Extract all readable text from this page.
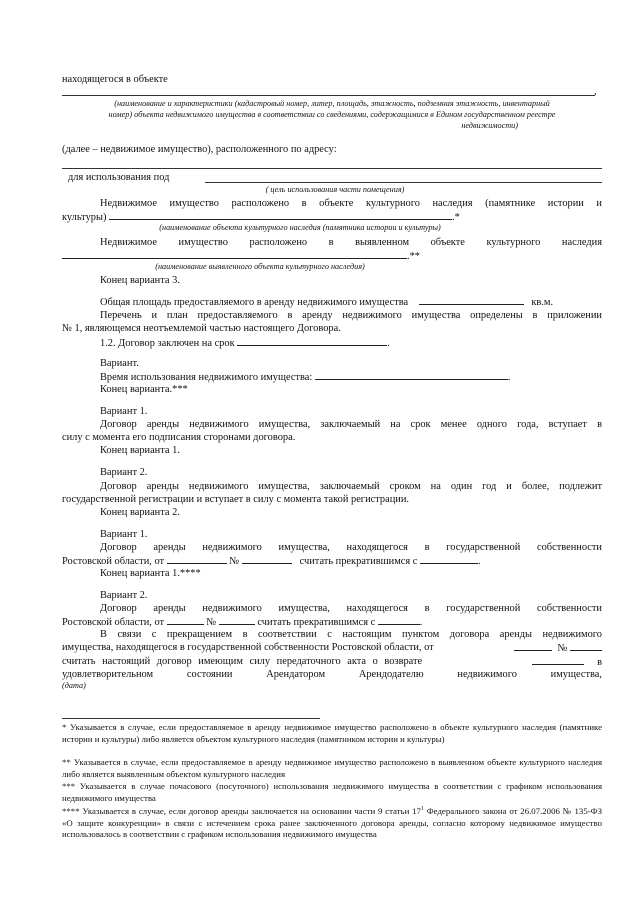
находящегося в объекте
,
(наименование и характеристики (кадастровый номер, литер, площадь, этажность, подземная этажность, инвентарный
номер) объекта недвижимого имущества в соответствии со сведениями, содержащимися в Едином государственном реестре
недвижимости)
(далее – недвижимое имущество), расположенного по адресу:
для использования под
( цель использования части помещения)
Недвижимое имущество расположено в объекте культурного наследия (памятнике истории и
культуры)	.*
(наименование объекта культурного наследия (памятника истории и культуры)
Недвижимое имущество расположено в выявленном объекте культурного наследия
.**
(наименование выявленного объекта культурного наследия)
Конец варианта 3.
Общая площадь предоставляемого в аренду недвижимого имущества	кв.м.
Перечень и план предоставляемого в аренду недвижимого имущества определены в приложении
№ 1, являющемся неотъемлемой частью настоящего Договора.
1.2. Договор заключен на срок	.
Вариант.
Время использования недвижимого имущества:	.
Конец варианта.***
Вариант 1.
Договор аренды недвижимого имущества, заключаемый на срок менее одного года, вступает в
силу с момента его подписания сторонами договора.
Конец варианта 1.
Вариант 2.
Договор аренды недвижимого имущества, заключаемый сроком на один год и более, подлежит
государственной регистрации и вступает в силу с момента такой регистрации.
Конец варианта 2.
Вариант 1.
Договор аренды недвижимого имущества, находящегося в государственной собственности
Ростовской области, от	№	считать прекратившимся с	.
Конец варианта 1.****
Вариант 2.
Договор аренды недвижимого имущества, находящегося в государственной собственности
Ростовской области, от	№	считать прекратившимся с	.
В связи с прекращением в соответствии с настоящим пунктом договора аренды недвижимого
имущества, находящегося в государственной собственности Ростовской области, от	№
считать настоящий договор имеющим силу передаточного акта о возврате	в
удовлетворительном состоянии Арендатором Арендодателю недвижимого имущества,
(дата)
* Указывается в случае, если предоставляемое в аренду недвижимое имущество расположено в объекте культурного наследия (памятнике истории и культуры) либо является объектом культурного наследия (памятником истории и культуры)
** Указывается в случае, если предоставляемое в аренду недвижимое имущество расположено в выявленном объекте культурного наследия либо является выявленным объектом культурного наследия
*** Указывается в случае почасового (посуточного) использования недвижимого имущества в соответствии с графиком использования недвижимого имущества
**** Указывается в случае, если договор аренды заключается на основании части 9 статьи $17^1$ Федерального закона от 26.07.2006 № 135-ФЗ «О защите конкуренции» в связи с истечением срока ранее заключенного договора аренды, согласно которому недвижимое имущество использовалось в соответствии с графиком использования недвижимого имущества
